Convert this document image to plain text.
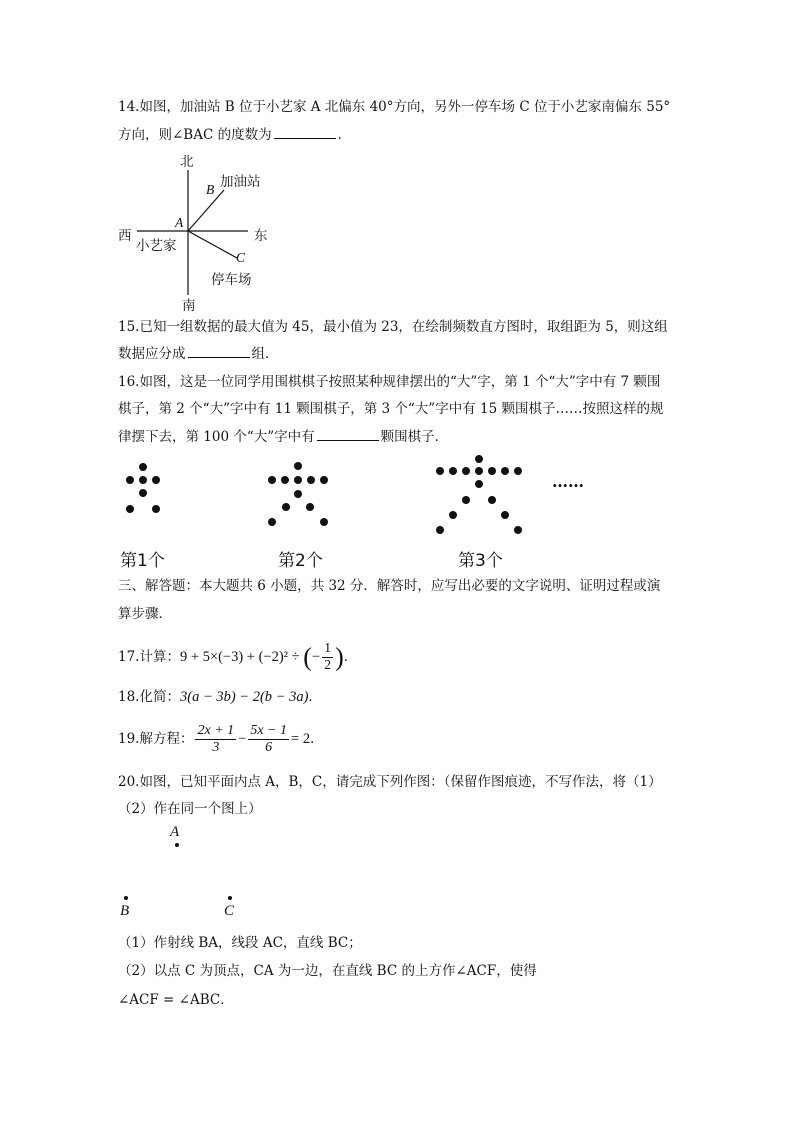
14.如图，加油站 B 位于小艺家 A 北偏东 40°方向，另外一停车场 C 位于小艺家南偏东 55°
方向，则∠BAC 的度数为	．
北
南
西	东
A
小艺家
B 加油站
C
停车场
15.已知一组数据的最大值为 45，最小值为 23，在绘制频数直方图时，取组距为 5，则这组
数据应分成	组．
16.如图，这是一位同学用围棋棋子按照某种规律摆出的“大”字，第 1 个“大”字中有 7 颗围
棋子，第 2 个“大”字中有 11 颗围棋子，第 3 个“大”字中有 15 颗围棋子……按照这样的规
律摆下去，第 100 个“大”字中有	颗围棋子．
……
第1个	第2个	第3个
三、解答题：本大题共 6 小题，共 32 分．解答时，应写出必要的文字说明、证明过程或演
算步骤．
17.计算：9 + 5×(−3) + (−2)² ÷ (− $\frac{1}{2}$ )．
18.化简：3(a − 3b) − 2(b − 3a)．
19.解方程： $\frac{2x + 1}{3} - \frac{5x - 1}{6} = 2$．
20.如图，已知平面内点 A，B，C，请完成下列作图：（保留作图痕迹，不写作法，将（1）
（2）作在同一个图上）
A
B	C
（1）作射线 BA，线段 AC，直线 BC；
（2）以点 C 为顶点，CA 为一边，在直线 BC 的上方作∠ACF，使得
∠ACF = ∠ABC．
